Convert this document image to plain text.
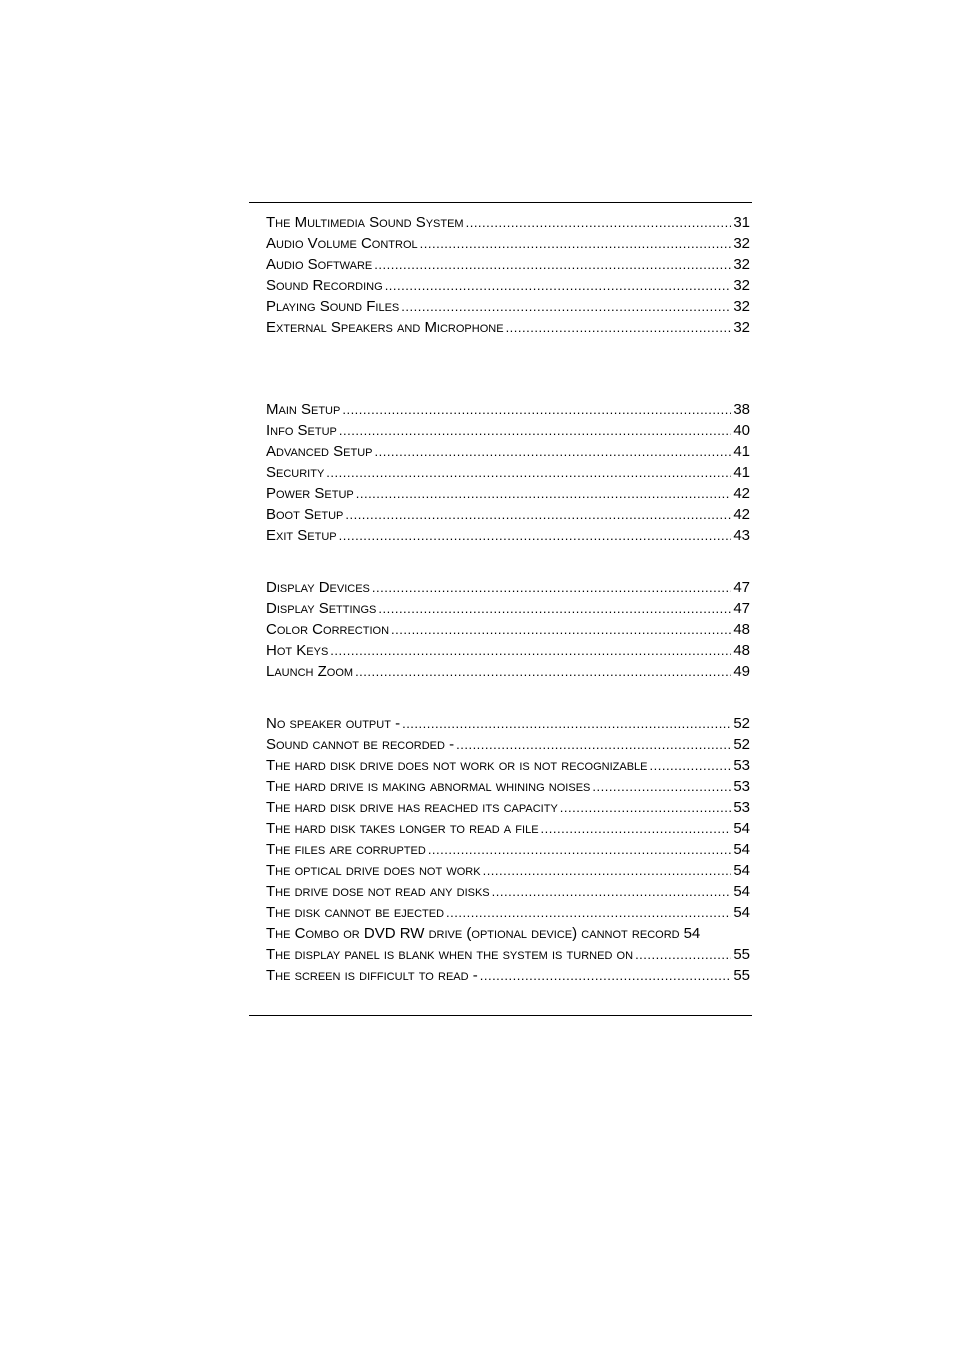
The Multimedia Sound System .....	31
Audio Volume Control .....	32
Audio Software .....	32
Sound Recording .....	32
Playing Sound Files .....	32
External Speakers and Microphone .....	32
Main Setup .....	38
Info Setup .....	40
Advanced Setup .....	41
Security .....	41
Power Setup .....	42
Boot Setup .....	42
Exit Setup .....	43
Display Devices .....	47
Display Settings .....	47
Color Correction .....	48
Hot Keys .....	48
Launch Zoom .....	49
No speaker output - .....	52
Sound cannot be recorded - .....	52
The hard disk drive does not work or is not recognizable .....	53
The hard drive is making abnormal whining noises .....	53
The hard disk drive has reached its capacity .....	53
The hard disk takes longer to read a file .....	54
The files are corrupted .....	54
The optical drive does not work .....	54
The drive dose not read any disks .....	54
The disk cannot be ejected .....	54
The Combo or DVD RW drive (optional device) cannot record 54
The display panel is blank when the system is turned on .....	55
The screen is difficult to read - .....	55
